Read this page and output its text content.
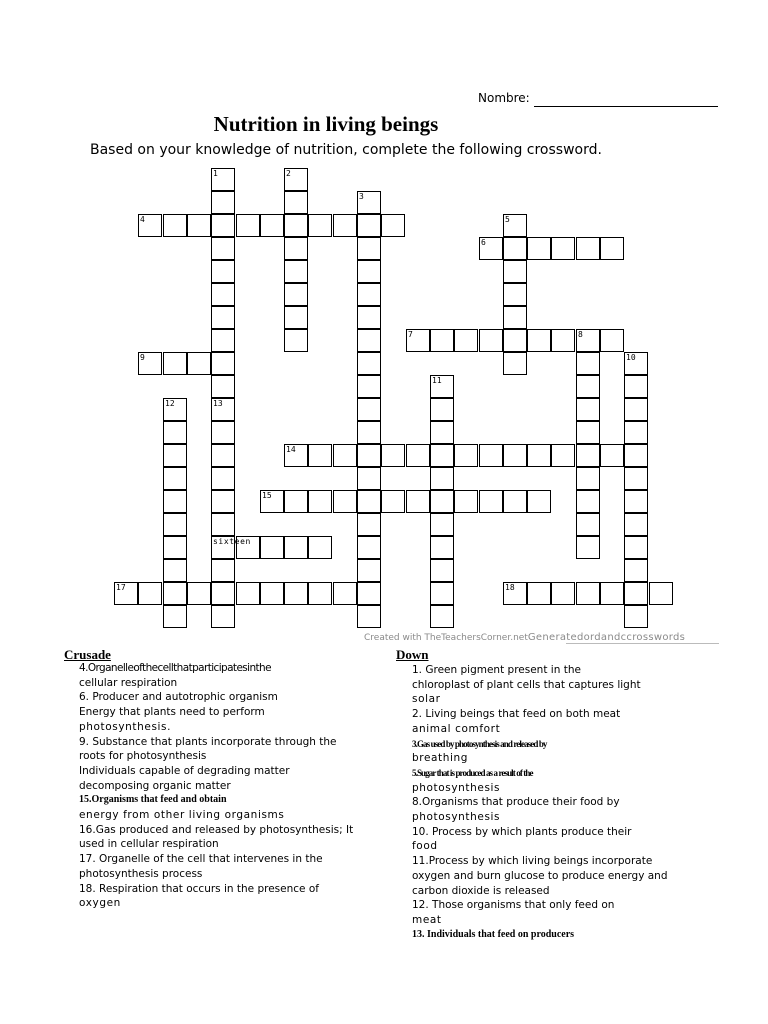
Nombre:
Nutrition in living beings
Based on your knowledge of nutrition, complete the following crossword.
1	2
3
4	5
6
7	8
9	10
11
12	13
14
15
sixteen
17	18
Created with TheTeachersCorner.netGeneratedordandccrosswords
Crusade	Down
4.Organelleofthecellthatparticipatesinthe
cellular respiration
6. Producer and autotrophic organism
Energy that plants need to perform
photosynthesis.
9. Substance that plants incorporate through the
roots for photosynthesis
Individuals capable of degrading matter
decomposing organic matter
15.Organisms that feed and obtain
energy from other living organisms
16.Gas produced and released by photosynthesis; It
used in cellular respiration
17. Organelle of the cell that intervenes in the
photosynthesis process
18. Respiration that occurs in the presence of
oxygen
1. Green pigment present in the
chloroplast of plant cells that captures light
solar
2. Living beings that feed on both meat
animal comfort
3.Gas used by photosynthesis and released by
breathing
5.Sugar that is produced as a result of the
photosynthesis
8.Organisms that produce their food by
photosynthesis
10. Process by which plants produce their
food
11.Process by which living beings incorporate
oxygen and burn glucose to produce energy and
carbon dioxide is released
12. Those organisms that only feed on
meat
13. Individuals that feed on producers
